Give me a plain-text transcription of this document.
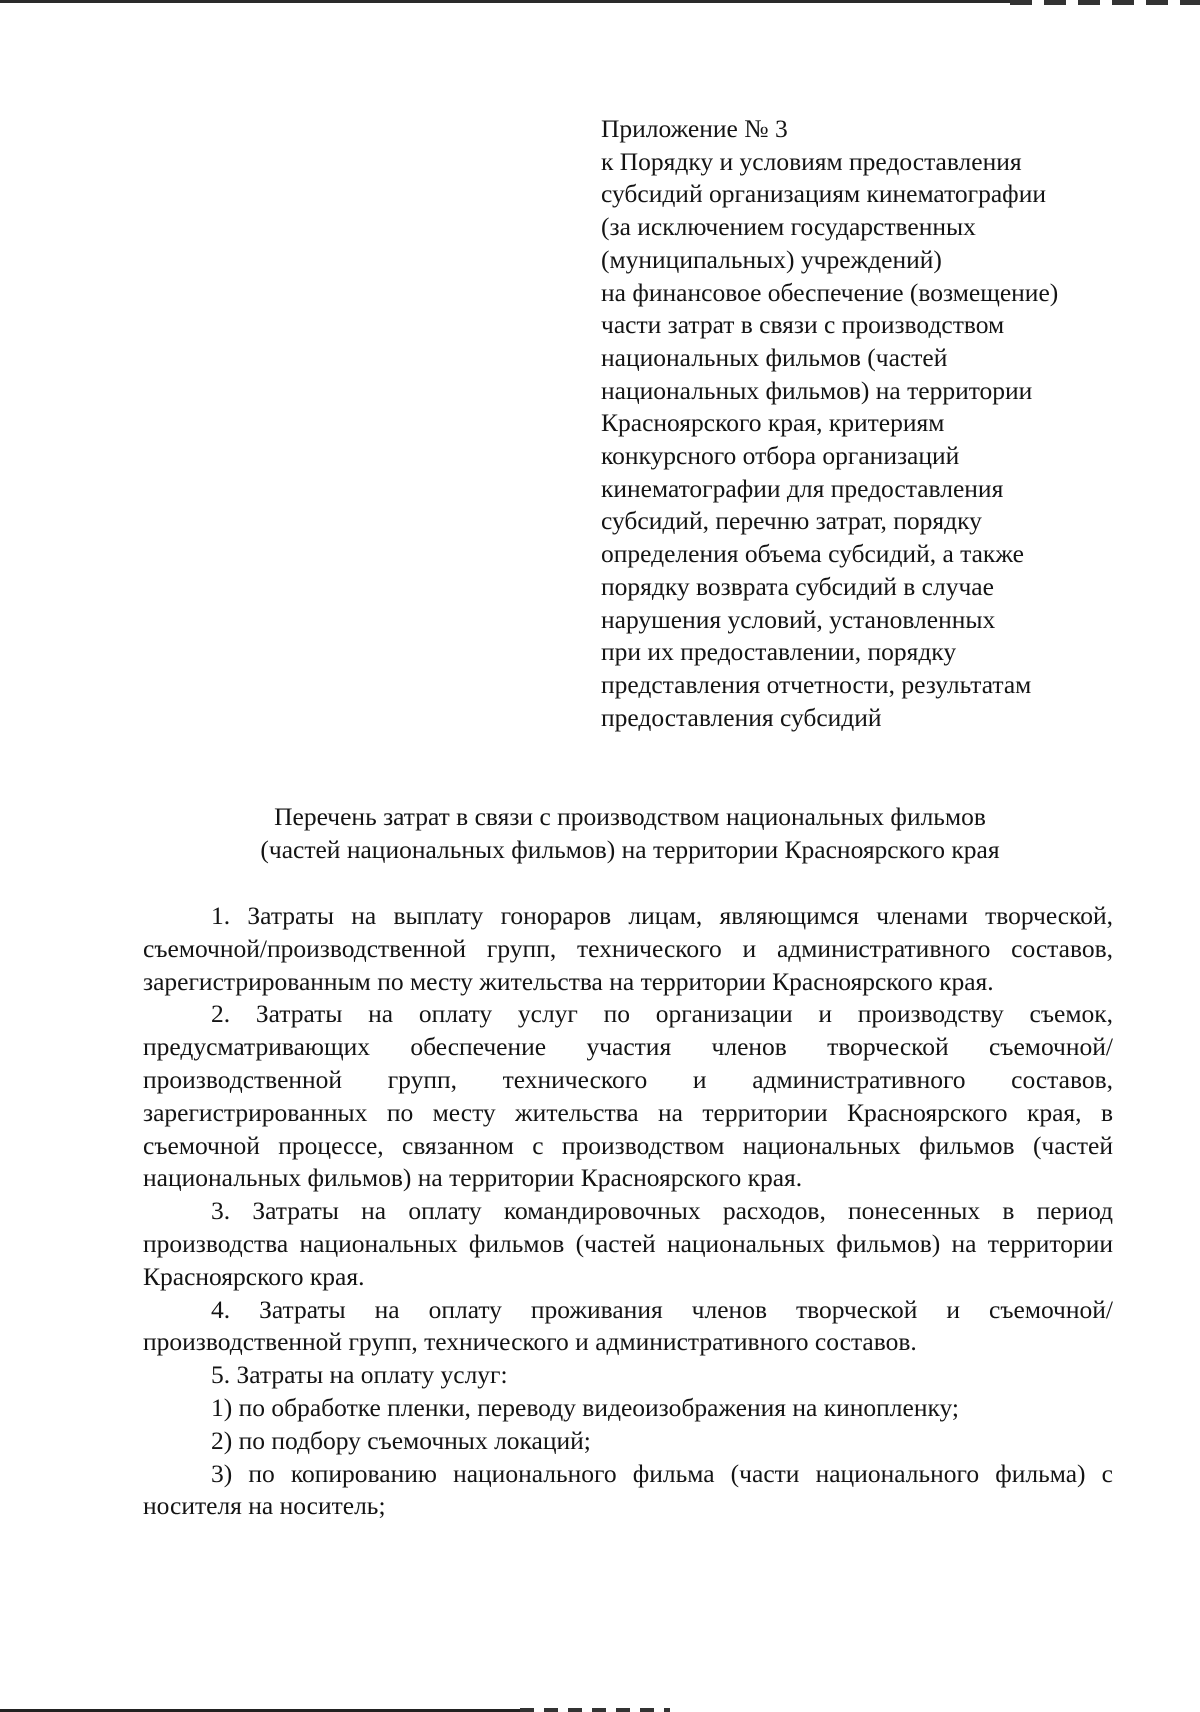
Приложение № 3
к Порядку и условиям предоставления
субсидий организациям кинематографии
(за исключением государственных
(муниципальных) учреждений)
на финансовое обеспечение (возмещение)
части затрат в связи с производством
национальных фильмов (частей
национальных фильмов) на территории
Красноярского края, критериям
конкурсного отбора организаций
кинематографии для предоставления
субсидий, перечню затрат, порядку
определения объема субсидий, а также
порядку возврата субсидий в случае
нарушения условий, установленных
при их предоставлении, порядку
представления отчетности, результатам
предоставления субсидий
Перечень затрат в связи с производством национальных фильмов
(частей национальных фильмов) на территории Красноярского края

1. Затраты на выплату гонораров лицам, являющимся членами творческой, съемочной/производственной групп, технического и административного составов, зарегистрированным по месту жительства на территории Красноярского края.

2. Затраты на оплату услуг по организации и производству съемок, предусматривающих обеспечение участия членов творческой съемочной/производственной групп, технического и административного составов, зарегистрированных по месту жительства на территории Красноярского края, в съемочной процессе, связанном с производством национальных фильмов (частей национальных фильмов) на территории Красноярского края.

3. Затраты на оплату командировочных расходов, понесенных в период производства национальных фильмов (частей национальных фильмов) на территории Красноярского края.

4. Затраты на оплату проживания членов творческой и съемочной/ производственной групп, технического и административного составов.

5. Затраты на оплату услуг:

1) по обработке пленки, переводу видеоизображения на кинопленку;

2) по подбору съемочных локаций;

3) по копированию национального фильма (части национального фильма) с носителя на носитель;
